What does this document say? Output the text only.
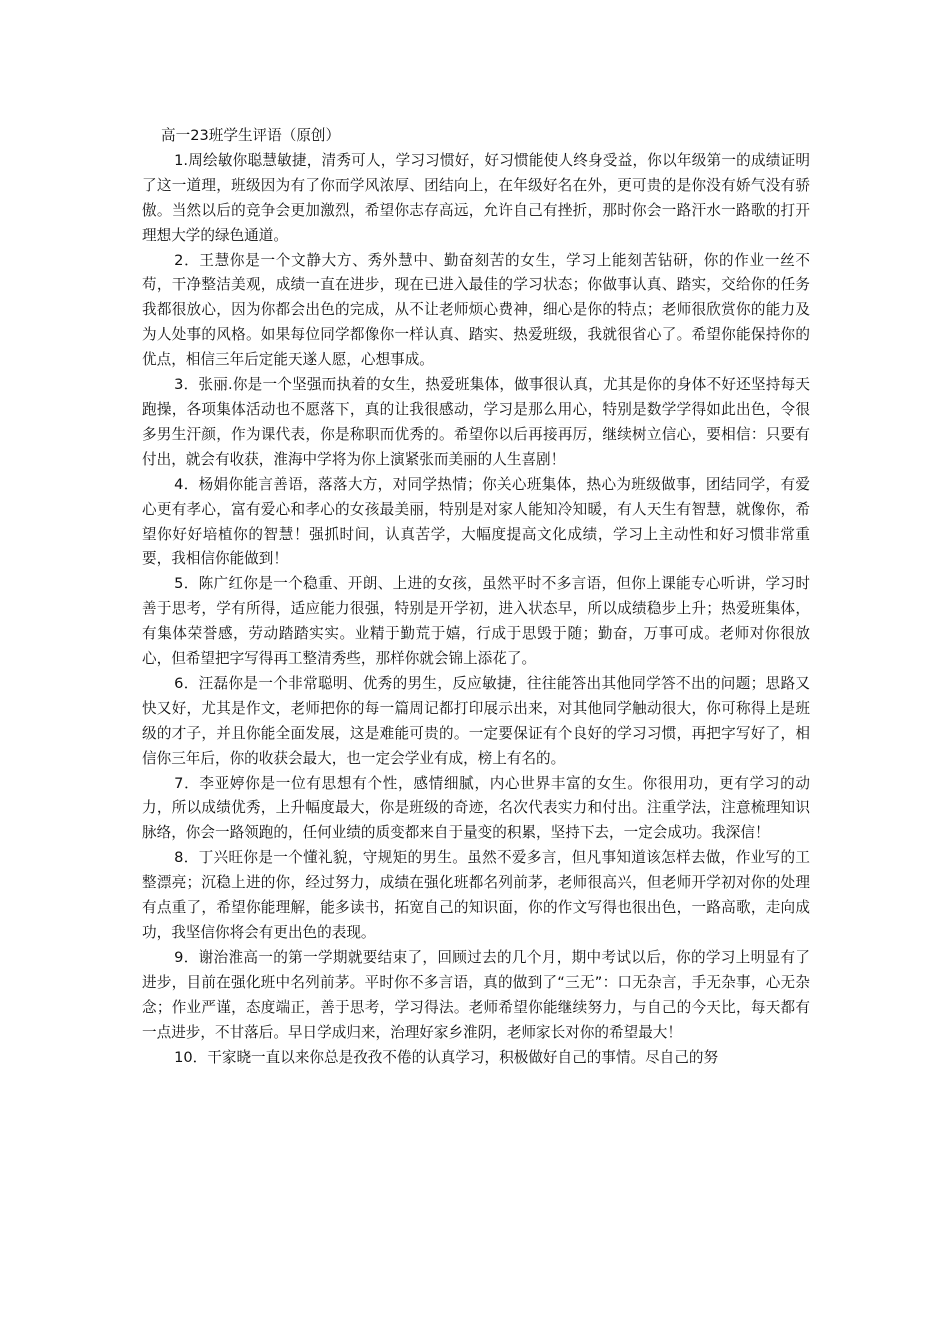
高一23班学生评语（原创）

1.周绘敏你聪慧敏捷，清秀可人，学习习惯好，好习惯能使人终身受益，你以年级第一的成绩证明了这一道理，班级因为有了你而学风浓厚、团结向上，在年级好名在外，更可贵的是你没有娇气没有骄傲。当然以后的竞争会更加激烈，希望你志存高远，允许自己有挫折，那时你会一路汗水一路歌的打开理想大学的绿色通道。

2．王慧你是一个文静大方、秀外慧中、勤奋刻苦的女生，学习上能刻苦钻研，你的作业一丝不苟，干净整洁美观，成绩一直在进步，现在已进入最佳的学习状态；你做事认真、踏实，交给你的任务我都很放心，因为你都会出色的完成，从不让老师烦心费神，细心是你的特点；老师很欣赏你的能力及为人处事的风格。如果每位同学都像你一样认真、踏实、热爱班级，我就很省心了。希望你能保持你的优点，相信三年后定能天遂人愿，心想事成。

3．张丽.你是一个坚强而执着的女生，热爱班集体，做事很认真，尤其是你的身体不好还坚持每天跑操，各项集体活动也不愿落下，真的让我很感动，学习是那么用心，特别是数学学得如此出色，令很多男生汗颜，作为课代表，你是称职而优秀的。希望你以后再接再厉，继续树立信心，要相信：只要有付出，就会有收获，淮海中学将为你上演紧张而美丽的人生喜剧！

4．杨娟你能言善语，落落大方，对同学热情；你关心班集体，热心为班级做事，团结同学，有爱心更有孝心，富有爱心和孝心的女孩最美丽，特别是对家人能知冷知暖，有人天生有智慧，就像你，希望你好好培植你的智慧！强抓时间，认真苦学，大幅度提高文化成绩，学习上主动性和好习惯非常重要，我相信你能做到！

5．陈广红你是一个稳重、开朗、上进的女孩，虽然平时不多言语，但你上课能专心听讲，学习时善于思考，学有所得，适应能力很强，特别是开学初，进入状态早，所以成绩稳步上升；热爱班集体，有集体荣誉感，劳动踏踏实实。业精于勤荒于嬉，行成于思毁于随；勤奋，万事可成。老师对你很放心，但希望把字写得再工整清秀些，那样你就会锦上添花了。

6．汪磊你是一个非常聪明、优秀的男生，反应敏捷，往往能答出其他同学答不出的问题；思路又快又好，尤其是作文，老师把你的每一篇周记都打印展示出来，对其他同学触动很大，你可称得上是班级的才子，并且你能全面发展，这是难能可贵的。一定要保证有个良好的学习习惯，再把字写好了，相信你三年后，你的收获会最大，也一定会学业有成，榜上有名的。

7．李亚婷你是一位有思想有个性，感情细腻，内心世界丰富的女生。你很用功，更有学习的动力，所以成绩优秀，上升幅度最大，你是班级的奇迹，名次代表实力和付出。注重学法，注意梳理知识脉络，你会一路领跑的，任何业绩的质变都来自于量变的积累，坚持下去，一定会成功。我深信！

8．丁兴旺你是一个懂礼貌，守规矩的男生。虽然不爱多言，但凡事知道该怎样去做，作业写的工整漂亮；沉稳上进的你，经过努力，成绩在强化班都名列前茅，老师很高兴，但老师开学初对你的处理有点重了，希望你能理解，能多读书，拓宽自己的知识面，你的作文写得也很出色，一路高歌，走向成功，我坚信你将会有更出色的表现。

9．谢治淮高一的第一学期就要结束了，回顾过去的几个月，期中考试以后，你的学习上明显有了进步，目前在强化班中名列前茅。平时你不多言语，真的做到了“三无”：口无杂言，手无杂事，心无杂念；作业严谨，态度端正，善于思考，学习得法。老师希望你能继续努力，与自己的今天比，每天都有一点进步，不甘落后。早日学成归来，治理好家乡淮阴，老师家长对你的希望最大！

10．干家晓一直以来你总是孜孜不倦的认真学习，积极做好自己的事情。尽自己的努
